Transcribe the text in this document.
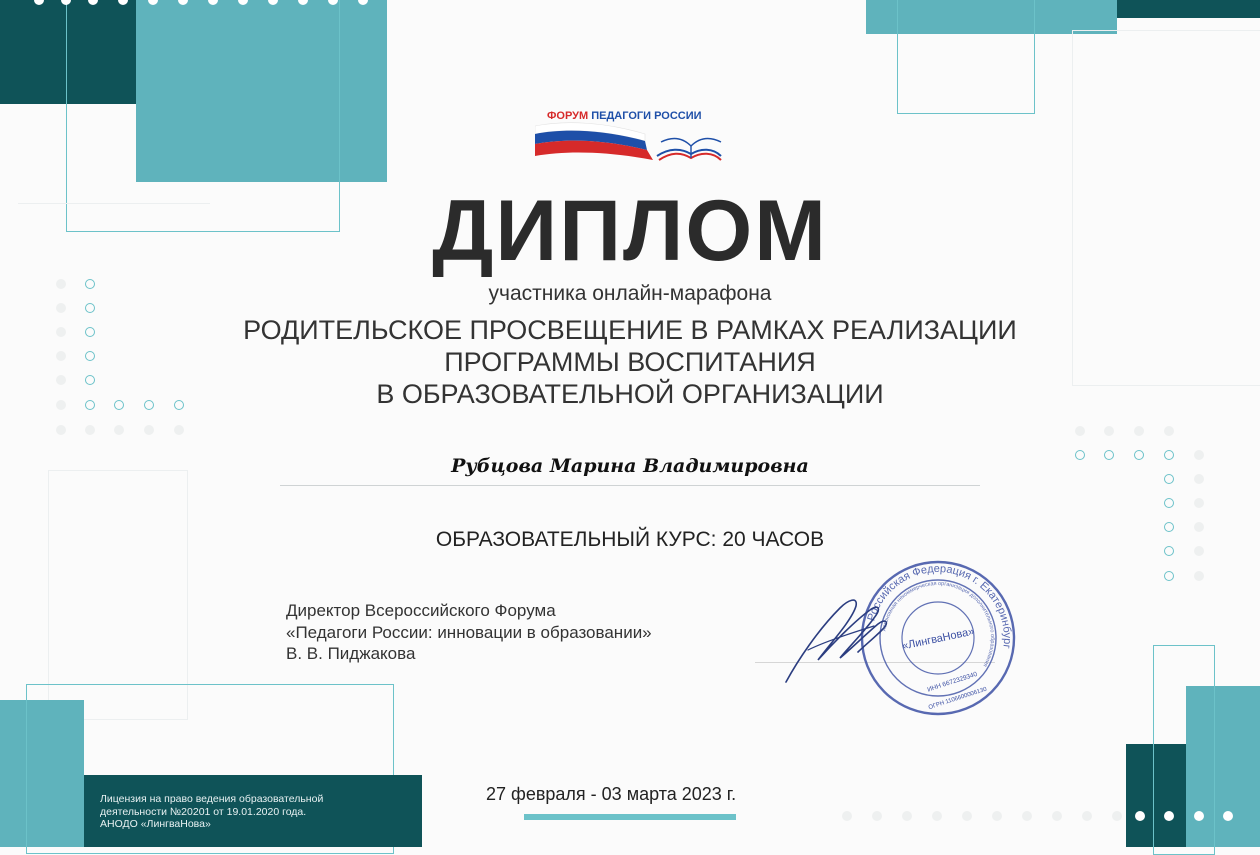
ФОРУМ ПЕДАГОГИ РОССИИ
ДИПЛОМ
участника онлайн-марафона
РОДИТЕЛЬСКОЕ ПРОСВЕЩЕНИЕ В РАМКАХ РЕАЛИЗАЦИИ
ПРОГРАММЫ ВОСПИТАНИЯ
В ОБРАЗОВАТЕЛЬНОЙ ОРГАНИЗАЦИИ
Рубцова Марина Владимировна
ОБРАЗОВАТЕЛЬНЫЙ КУРС: 20 ЧАСОВ
Директор Всероссийского Форума
«Педагоги России: инновации в образовании»
В. В. Пиджакова
Российская Федерация г. Екатеринбург
Автономная некоммерческая организация дополнительного образования
«ЛингваНова»
ИНН 6672329340
ОГРН 1106600006130
27 февраля - 03 марта 2023 г.
Лицензия на право ведения образовательной
деятельности №20201 от 19.01.2020 года.
АНОДО «ЛингваНова»
